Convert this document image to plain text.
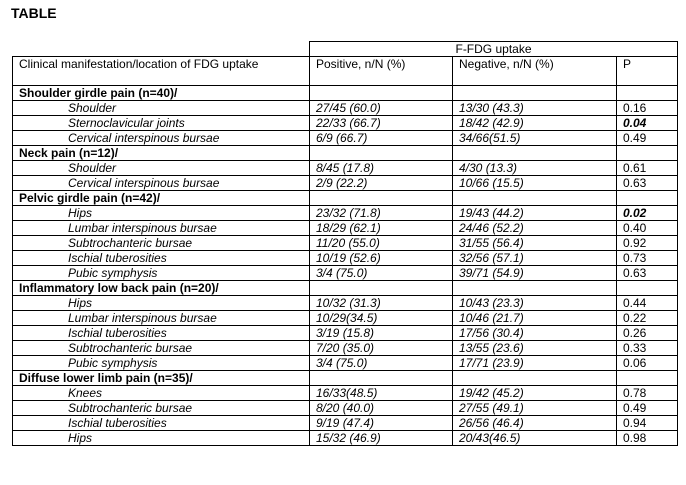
TABLE
	F-FDG uptake		
Clinical manifestation/location of FDG uptake	Positive, n/N (%)	Negative, n/N (%)	P
Shoulder girdle pain (n=40)/			
Shoulder	27/45 (60.0)	13/30 (43.3)	0.16
Sternoclavicular joints	22/33 (66.7)	18/42 (42.9)	0.04
Cervical interspinous bursae	6/9 (66.7)	34/66(51.5)	0.49
Neck pain (n=12)/			
Shoulder	8/45 (17.8)	4/30 (13.3)	0.61
Cervical interspinous bursae	2/9 (22.2)	10/66 (15.5)	0.63
Pelvic girdle pain (n=42)/			
Hips	23/32 (71.8)	19/43 (44.2)	0.02
Lumbar interspinous bursae	18/29 (62.1)	24/46 (52.2)	0.40
Subtrochanteric bursae	11/20 (55.0)	31/55 (56.4)	0.92
Ischial tuberosities	10/19 (52.6)	32/56 (57.1)	0.73
Pubic symphysis	3/4 (75.0)	39/71 (54.9)	0.63
Inflammatory low back pain (n=20)/			
Hips	10/32 (31.3)	10/43 (23.3)	0.44
Lumbar interspinous bursae	10/29(34.5)	10/46 (21.7)	0.22
Ischial tuberosities	3/19 (15.8)	17/56 (30.4)	0.26
Subtrochanteric bursae	7/20 (35.0)	13/55 (23.6)	0.33
Pubic symphysis	3/4 (75.0)	17/71 (23.9)	0.06
Diffuse lower limb pain (n=35)/			
Knees	16/33(48.5)	19/42 (45.2)	0.78
Subtrochanteric bursae	8/20 (40.0)	27/55 (49.1)	0.49
Ischial tuberosities	9/19 (47.4)	26/56 (46.4)	0.94
Hips	15/32 (46.9)	20/43(46.5)	0.98
